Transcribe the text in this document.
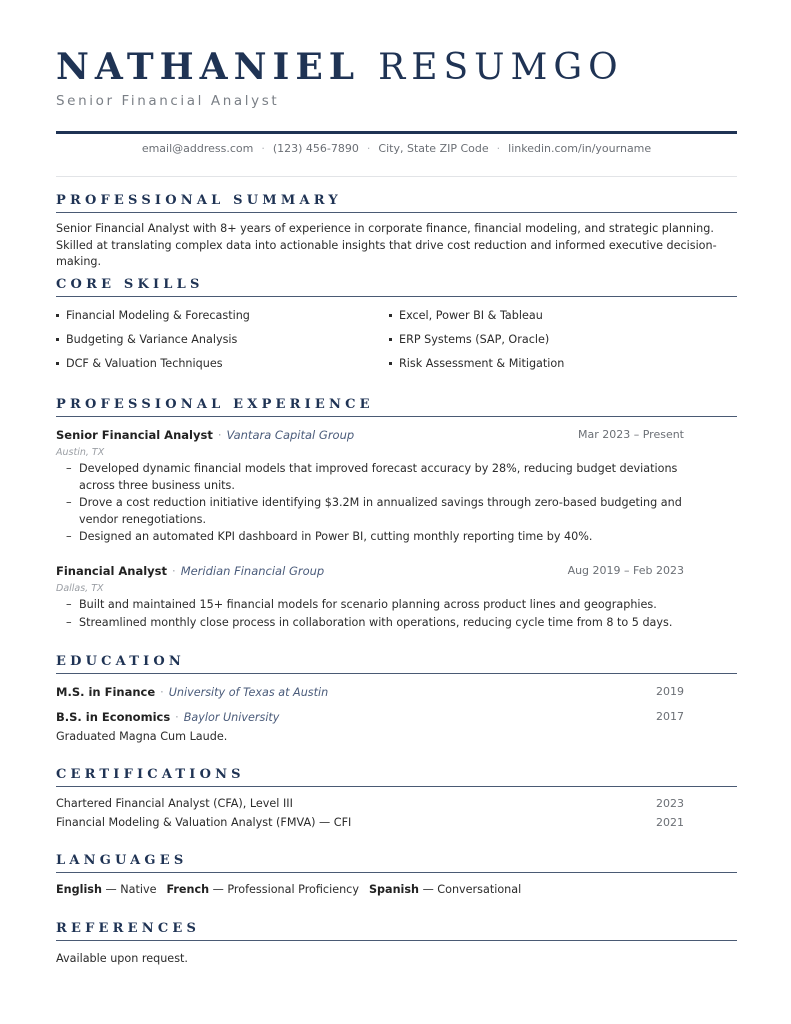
NATHANIEL RESUMGO
Senior Financial Analyst
email@address.com · (123) 456-7890 · City, State ZIP Code · linkedin.com/in/yourname
PROFESSIONAL SUMMARY
Senior Financial Analyst with 8+ years of experience in corporate finance, financial modeling, and strategic planning. Skilled at translating complex data into actionable insights that drive cost reduction and informed executive decision-making.
CORE SKILLS
Financial Modeling & Forecasting
Budgeting & Variance Analysis
DCF & Valuation Techniques
Excel, Power BI & Tableau
ERP Systems (SAP, Oracle)
Risk Assessment & Mitigation
PROFESSIONAL EXPERIENCE
Senior Financial Analyst · Vantara Capital Group	Mar 2023 – Present
Austin, TX
– Developed dynamic financial models that improved forecast accuracy by 28%, reducing budget deviations across three business units.
– Drove a cost reduction initiative identifying $3.2M in annualized savings through zero-based budgeting and vendor renegotiations.
– Designed an automated KPI dashboard in Power BI, cutting monthly reporting time by 40%.
Financial Analyst · Meridian Financial Group	Aug 2019 – Feb 2023
Dallas, TX
– Built and maintained 15+ financial models for scenario planning across product lines and geographies.
– Streamlined monthly close process in collaboration with operations, reducing cycle time from 8 to 5 days.
EDUCATION
M.S. in Finance · University of Texas at Austin	2019
B.S. in Economics · Baylor University	2017
Graduated Magna Cum Laude.
CERTIFICATIONS
Chartered Financial Analyst (CFA), Level III	2023
Financial Modeling & Valuation Analyst (FMVA) — CFI	2021
LANGUAGES
English — Native French — Professional Proficiency Spanish — Conversational
REFERENCES
Available upon request.
